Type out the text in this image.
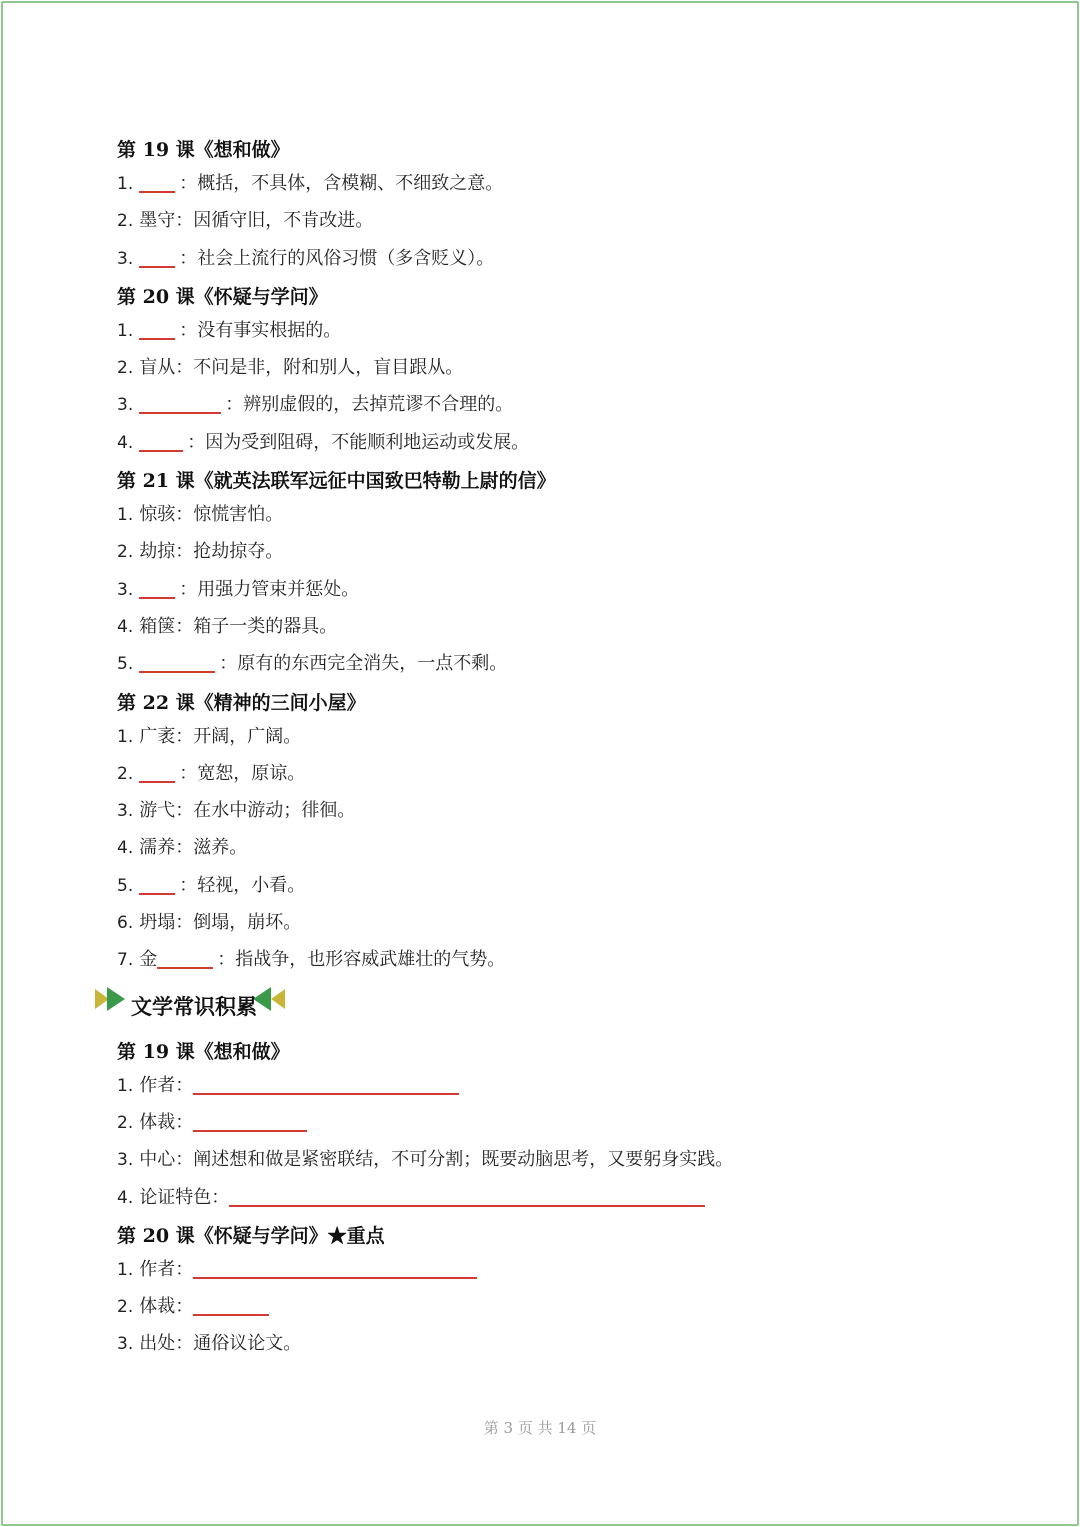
第 19 课《想和做》
1.	：概括，不具体，含模糊、不细致之意。
2. 墨守：因循守旧，不肯改进。
3.	：社会上流行的风俗习惯（多含贬义）。
第 20 课《怀疑与学问》
1.	：没有事实根据的。
2. 盲从：不问是非，附和别人，盲目跟从。
3.	：辨别虚假的，去掉荒谬不合理的。
4.	：因为受到阻碍，不能顺利地运动或发展。
第 21 课《就英法联军远征中国致巴特勒上尉的信》
1. 惊骇：惊慌害怕。
2. 劫掠：抢劫掠夺。
3.	：用强力管束并惩处。
4. 箱箧：箱子一类的器具。
5.	：原有的东西完全消失，一点不剩。
第 22 课《精神的三间小屋》
1. 广袤：开阔，广阔。
2.	：宽恕，原谅。
3. 游弋：在水中游动；徘徊。
4. 濡养：滋养。
5.	：轻视，小看。
6. 坍塌：倒塌，崩坏。
7. 金	：指战争，也形容威武雄壮的气势。
文学常识积累
第 19 课《想和做》
1. 作者：
2. 体裁：
3. 中心：阐述想和做是紧密联结，不可分割；既要动脑思考，又要躬身实践。
4. 论证特色：
第 20 课《怀疑与学问》★重点
1. 作者：
2. 体裁：
3. 出处：通俗议论文。
第 3 页 共 14 页
